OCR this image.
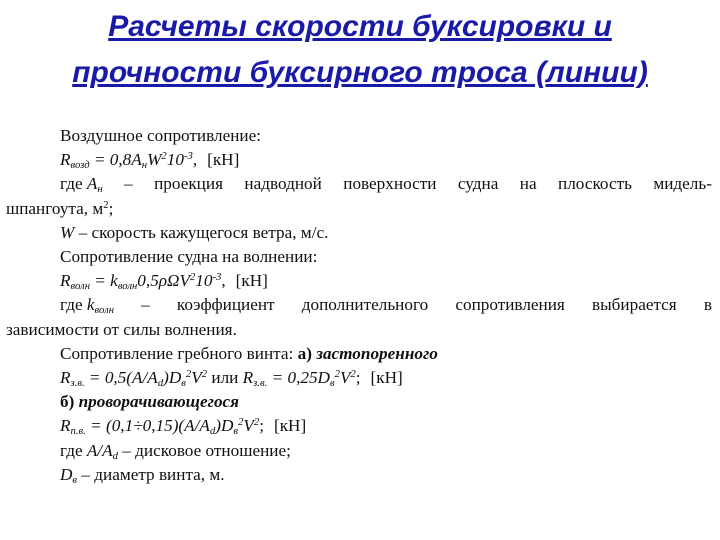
Расчеты скорости буксировки и
прочности буксирного троса (линии)
Воздушное сопротивление:
$R_{возд} = 0,8A_нW^210^{-3}$, [кН]
где $A_н$ – проекция надводной поверхности судна на плоскость мидель-
шпангоута, $м^2$;
W – скорость кажущегося ветра, м/с.
Сопротивление судна на волнении:
$R_{волн} = k_{волн}0,5\rho\Omega V^210^{-3}$, [кН]
где $k_{волн}$ – коэффициент дополнительного сопротивления выбирается в
зависимости от силы волнения.
Сопротивление гребного винта: а) застопоренного
$R_{з.в.} = 0,5(A/A_d)D_в^2V^2$ или $R_{з.в.} = 0,25D_в^2V^2$; [кН]
б) проворачивающегося
$R_{п.в.} = (0,1\div 0,15)(A/A_d)D_в^2V^2$; [кН]
где $A/A_d$ – дисковое отношение;
$D_в$ – диаметр винта, м.
